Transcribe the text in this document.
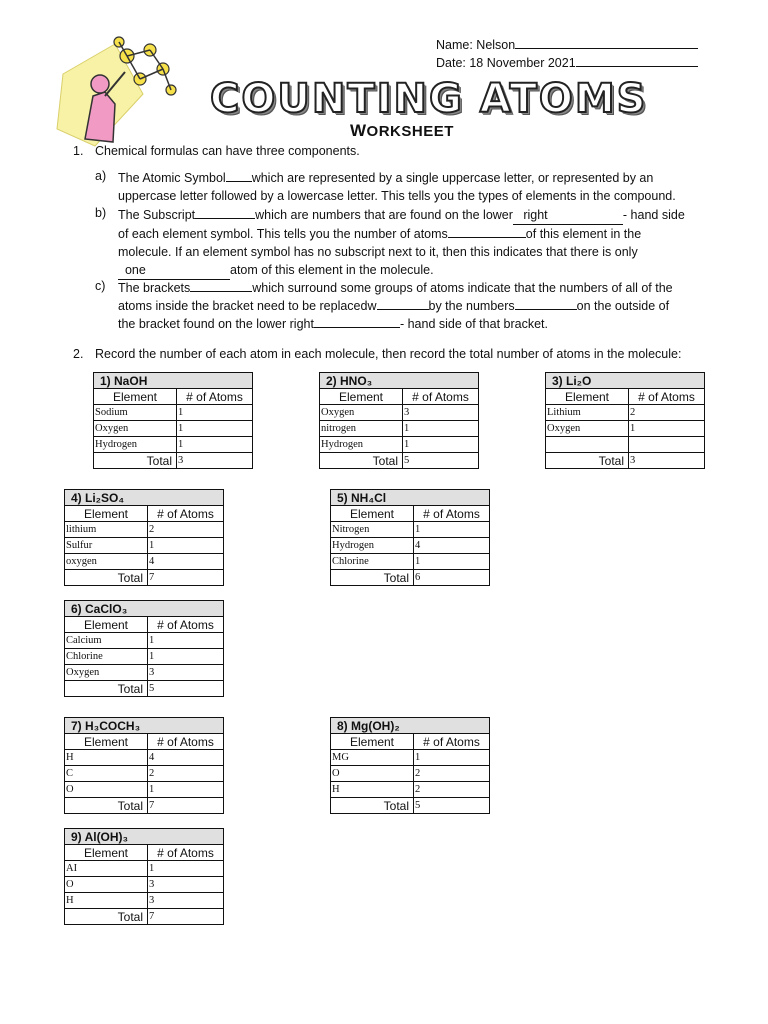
Name: Nelson
Date: 18 November 2021
COUNTING ATOMS
WORKSHEET
1. Chemical formulas can have three components.
a) The Atomic Symbol which are represented by a single uppercase letter, or represented by an

uppercase letter followed by a lowercase letter. This tells you the types of elements in the compound.

b) The Subscript	which are numbers that are found on the lower right	- hand side

of each element symbol. This tells you the number of atoms	of this element in the

molecule. If an element symbol has no subscript next to it, then this indicates that there is only

one	atom of this element in the molecule.

c) The brackets	which surround some groups of atoms indicate that the numbers of all of the

atoms inside the bracket need to be replacedw	by the numbers	on the outside of

the bracket found on the lower right	- hand side of that bracket.

2. Record the number of each atom in each molecule, then record the total number of atoms in the molecule:
1) NaOH	
Element	# of Atoms
Sodium	1
Oxygen	1
Hydrogen	1
Total	3
2) HNO₃	
Element	# of Atoms
Oxygen	3
nitrogen	1
Hydrogen	1
Total	5
3) Li₂O	
Element	# of Atoms
Lithium	2
Oxygen	1

Total	3
4) Li₂SO₄	
Element	# of Atoms
lithium	2
Sulfur	1
oxygen	4
Total	7
5) NH₄Cl	
Element	# of Atoms
Nitrogen	1
Hydrogen	4
Chlorine	1
Total	6
6) CaClO₃	
Element	# of Atoms
Calcium	1
Chlorine	1
Oxygen	3
Total	5
7) H₃COCH₃	
Element	# of Atoms
H	4
C	2
O	1
Total	7
8) Mg(OH)₂	
Element	# of Atoms
MG	1
O	2
H	2
Total	5
9) Al(OH)₃	
Element	# of Atoms
AI	1
O	3
H	3
Total	7
